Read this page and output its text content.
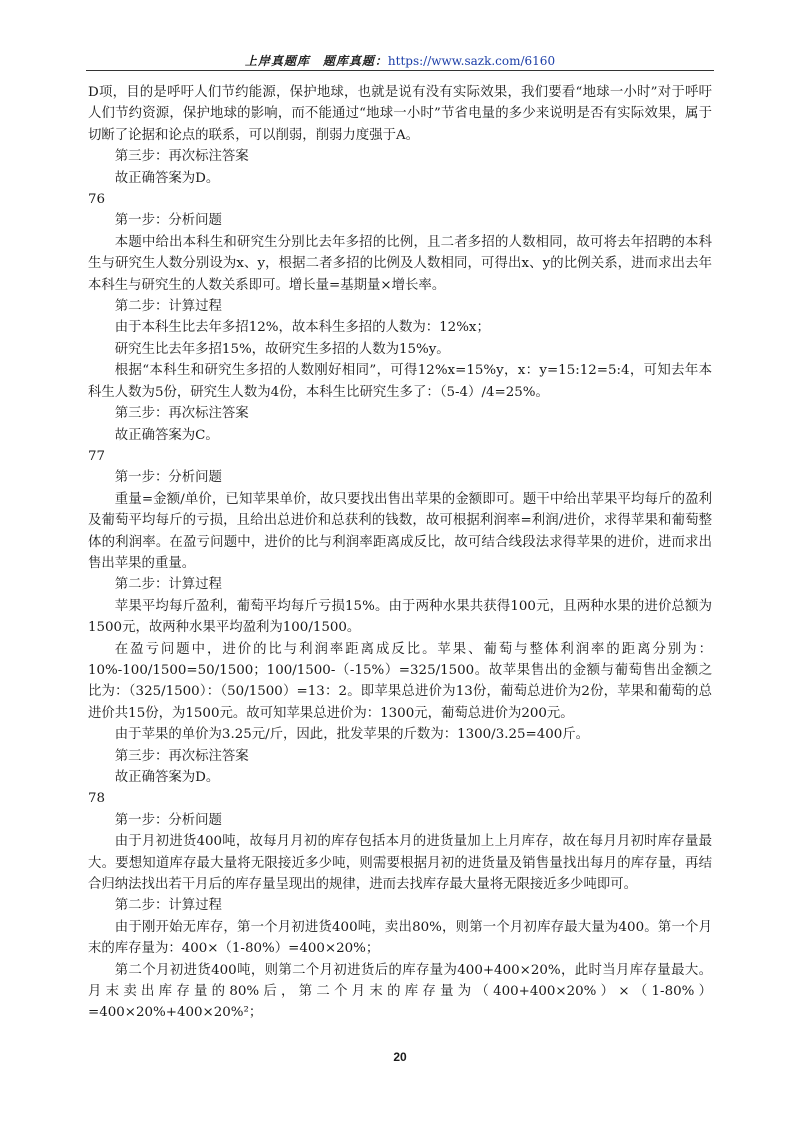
上岸真题库　题库真题：https://www.sazk.com/6160

D项，目的是呼吁人们节约能源，保护地球，也就是说有没有实际效果，我们要看“地球一小时”对于呼吁人们节约资源，保护地球的影响，而不能通过“地球一小时”节省电量的多少来说明是否有实际效果，属于切断了论据和论点的联系，可以削弱，削弱力度强于A。

第三步：再次标注答案

故正确答案为D。

76

第一步：分析问题

本题中给出本科生和研究生分别比去年多招的比例，且二者多招的人数相同，故可将去年招聘的本科生与研究生人数分别设为x、y，根据二者多招的比例及人数相同，可得出x、y的比例关系，进而求出去年本科生与研究生的人数关系即可。增长量=基期量×增长率。

第二步：计算过程

由于本科生比去年多招12%，故本科生多招的人数为：12%x；

研究生比去年多招15%，故研究生多招的人数为15%y。

根据“本科生和研究生多招的人数刚好相同”，可得12%x=15%y，x：y=15:12=5:4，可知去年本科生人数为5份，研究生人数为4份，本科生比研究生多了：（5-4）/4=25%。

第三步：再次标注答案

故正确答案为C。

77

第一步：分析问题

重量=金额/单价，已知苹果单价，故只要找出售出苹果的金额即可。题干中给出苹果平均每斤的盈利及葡萄平均每斤的亏损，且给出总进价和总获利的钱数，故可根据利润率=利润/进价，求得苹果和葡萄整体的利润率。在盈亏问题中，进价的比与利润率距离成反比，故可结合线段法求得苹果的进价，进而求出售出苹果的重量。

第二步：计算过程

苹果平均每斤盈利，葡萄平均每斤亏损15%。由于两种水果共获得100元，且两种水果的进价总额为1500元，故两种水果平均盈利为100/1500。

在盈亏问题中，进价的比与利润率距离成反比。苹果、葡萄与整体利润率的距离分别为：10%-100/1500=50/1500；100/1500-（-15%）=325/1500。故苹果售出的金额与葡萄售出金额之比为：（325/1500）：（50/1500）=13：2。即苹果总进价为13份，葡萄总进价为2份，苹果和葡萄的总进价共15份，为1500元。故可知苹果总进价为：1300元，葡萄总进价为200元。

由于苹果的单价为3.25元/斤，因此，批发苹果的斤数为：1300/3.25=400斤。

第三步：再次标注答案

故正确答案为D。

78

第一步：分析问题

由于月初进货400吨，故每月月初的库存包括本月的进货量加上上月库存，故在每月月初时库存量最大。要想知道库存最大量将无限接近多少吨，则需要根据月初的进货量及销售量找出每月的库存量，再结合归纳法找出若干月后的库存量呈现出的规律，进而去找库存最大量将无限接近多少吨即可。

第二步：计算过程

由于刚开始无库存，第一个月初进货400吨，卖出80%，则第一个月初库存最大量为400。第一个月末的库存量为：400×（1-80%）=400×20%；

第二个月初进货400吨，则第二个月初进货后的库存量为400+400×20%，此时当月库存量最大。月末卖出库存量的80%后，第二个月末的库存量为（400+400×20%）×（1-80%）=400×20%+400×20%²；

20
